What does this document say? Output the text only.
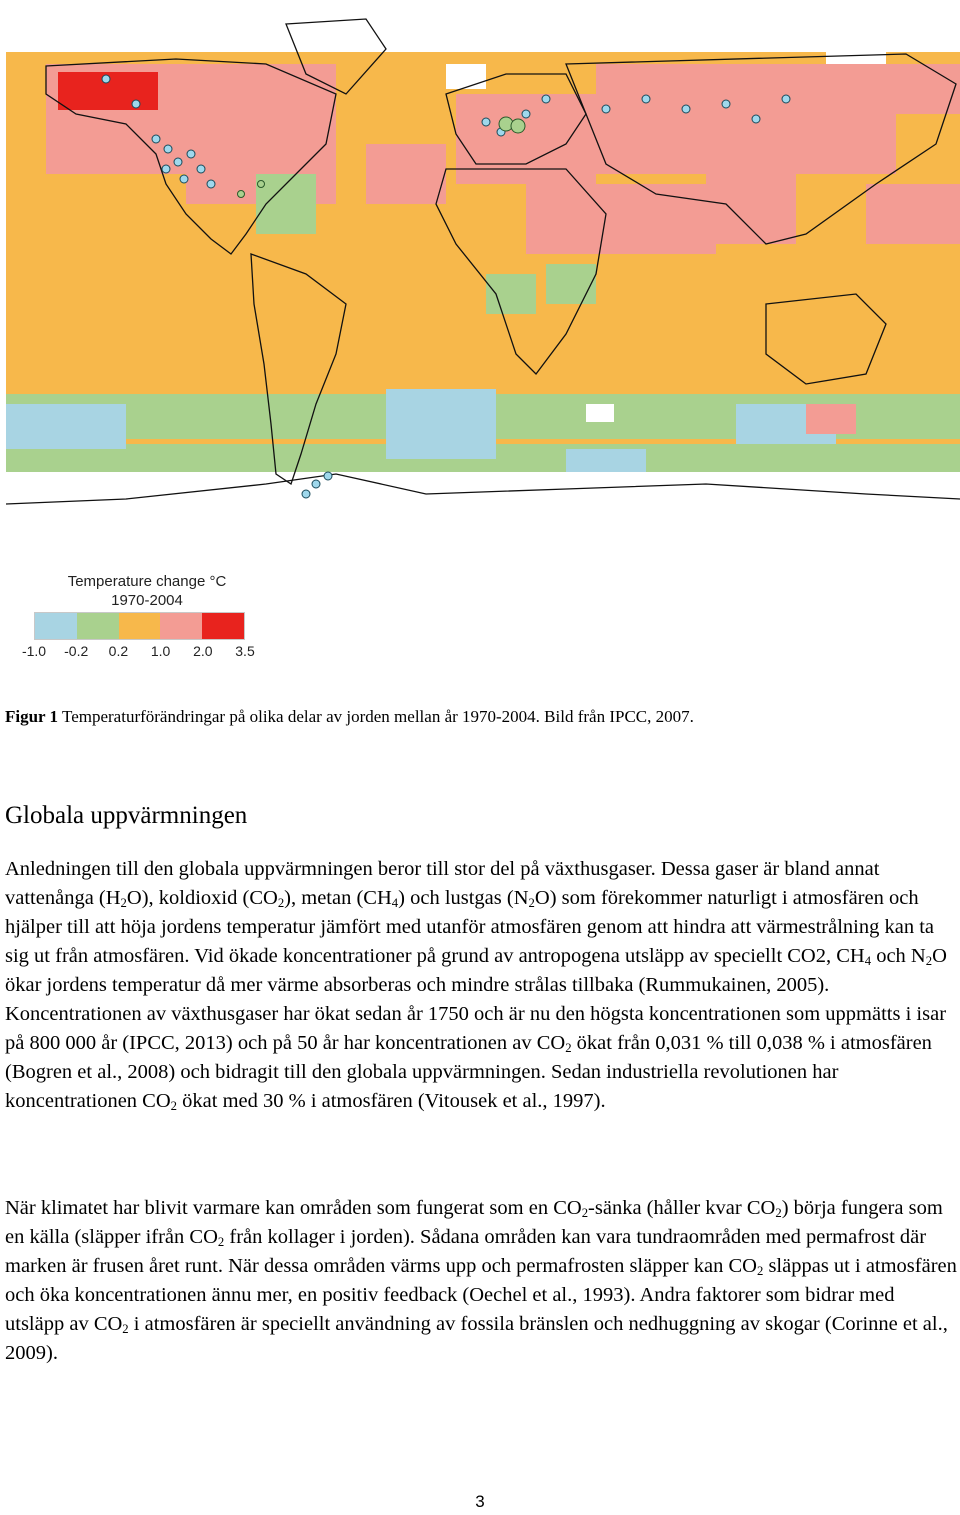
Temperature change °C
1970-2004
-1.0 -0.2 0.2 1.0 2.0 3.5
Figur 1 Temperaturförändringar på olika delar av jorden mellan år 1970-2004. Bild från IPCC, 2007.
Globala uppvärmningen

Anledningen till den globala uppvärmningen beror till stor del på växthusgaser. Dessa gaser är bland annat vattenånga $(H_2O)$, koldioxid $(CO_2)$, metan $(CH_4)$ och lustgas $(N_2O)$ som förekommer naturligt i atmosfären och hjälper till att höja jordens temperatur jämfört med utanför atmosfären genom att hindra att värmestrålning kan ta sig ut från atmosfären. Vid ökade koncentrationer på grund av antropogena utsläpp av speciellt CO2, $CH_4$ och $N_2O$ ökar jordens temperatur då mer värme absorberas och mindre strålas tillbaka (Rummukainen, 2005). Koncentrationen av växthusgaser har ökat sedan år 1750 och är nu den högsta koncentrationen som uppmätts i isar på 800 000 år (IPCC, 2013) och på 50 år har koncentrationen av $CO_2$ ökat från 0,031 % till 0,038 % i atmosfären (Bogren et al., 2008) och bidragit till den globala uppvärmningen. Sedan industriella revolutionen har koncentrationen $CO_2$ ökat med 30 % i atmosfären (Vitousek et al., 1997).

När klimatet har blivit varmare kan områden som fungerat som en $CO_2$-sänka (håller kvar $CO_2$) börja fungera som en källa (släpper ifrån $CO_2$ från kollager i jorden). Sådana områden kan vara tundraområden med permafrost där marken är frusen året runt. När dessa områden värms upp och permafrosten släpper kan $CO_2$ släppas ut i atmosfären och öka koncentrationen ännu mer, en positiv feedback (Oechel et al., 1993). Andra faktorer som bidrar med utsläpp av $CO_2$ i atmosfären är speciellt användning av fossila bränslen och nedhuggning av skogar (Corinne et al., 2009).

3
